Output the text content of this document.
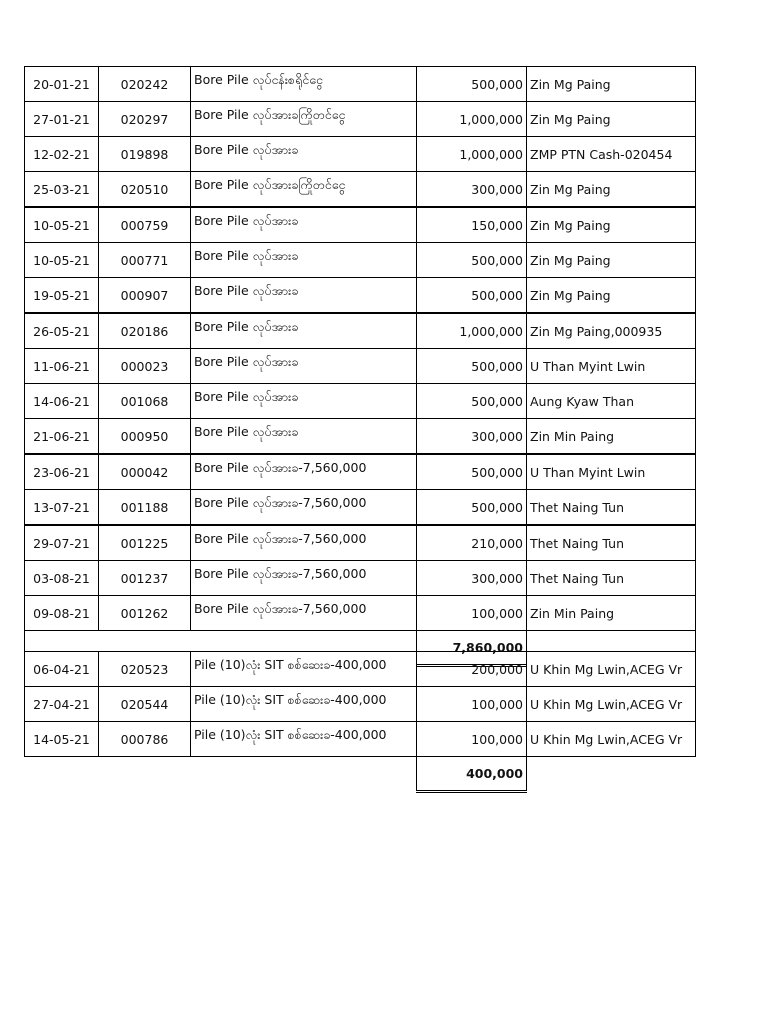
20-01-21	020242	Bore Pile လုပ်ငန်းစရိုင်ငွေ	500,000	Zin Mg Paing
27-01-21	020297	Bore Pile လုပ်အားခကြိုတင်ငွေ	1,000,000	Zin Mg Paing
12-02-21	019898	Bore Pile လုပ်အားခ	1,000,000	ZMP PTN Cash-020454
25-03-21	020510	Bore Pile လုပ်အားခကြိုတင်ငွေ	300,000	Zin Mg Paing
10-05-21	000759	Bore Pile လုပ်အားခ	150,000	Zin Mg Paing
10-05-21	000771	Bore Pile လုပ်အားခ	500,000	Zin Mg Paing
19-05-21	000907	Bore Pile လုပ်အားခ	500,000	Zin Mg Paing
26-05-21	020186	Bore Pile လုပ်အားခ	1,000,000	Zin Mg Paing,000935
11-06-21	000023	Bore Pile လုပ်အားခ	500,000	U Than Myint Lwin
14-06-21	001068	Bore Pile လုပ်အားခ	500,000	Aung Kyaw Than
21-06-21	000950	Bore Pile လုပ်အားခ	300,000	Zin Min Paing
23-06-21	000042	Bore Pile လုပ်အားခ-7,560,000	500,000	U Than Myint Lwin
13-07-21	001188	Bore Pile လုပ်အားခ-7,560,000	500,000	Thet Naing Tun
29-07-21	001225	Bore Pile လုပ်အားခ-7,560,000	210,000	Thet Naing Tun
03-08-21	001237	Bore Pile လုပ်အားခ-7,560,000	300,000	Thet Naing Tun
09-08-21	001262	Bore Pile လုပ်အားခ-7,560,000	100,000	Zin Min Paing
			7,860,000	
06-04-21	020523	Pile (10)လုံး SIT စစ်ဆေးခ-400,000	200,000	U Khin Mg Lwin,ACEG Vr
27-04-21	020544	Pile (10)လုံး SIT စစ်ဆေးခ-400,000	100,000	U Khin Mg Lwin,ACEG Vr
14-05-21	000786	Pile (10)လုံး SIT စစ်ဆေးခ-400,000	100,000	U Khin Mg Lwin,ACEG Vr
			400,000	
